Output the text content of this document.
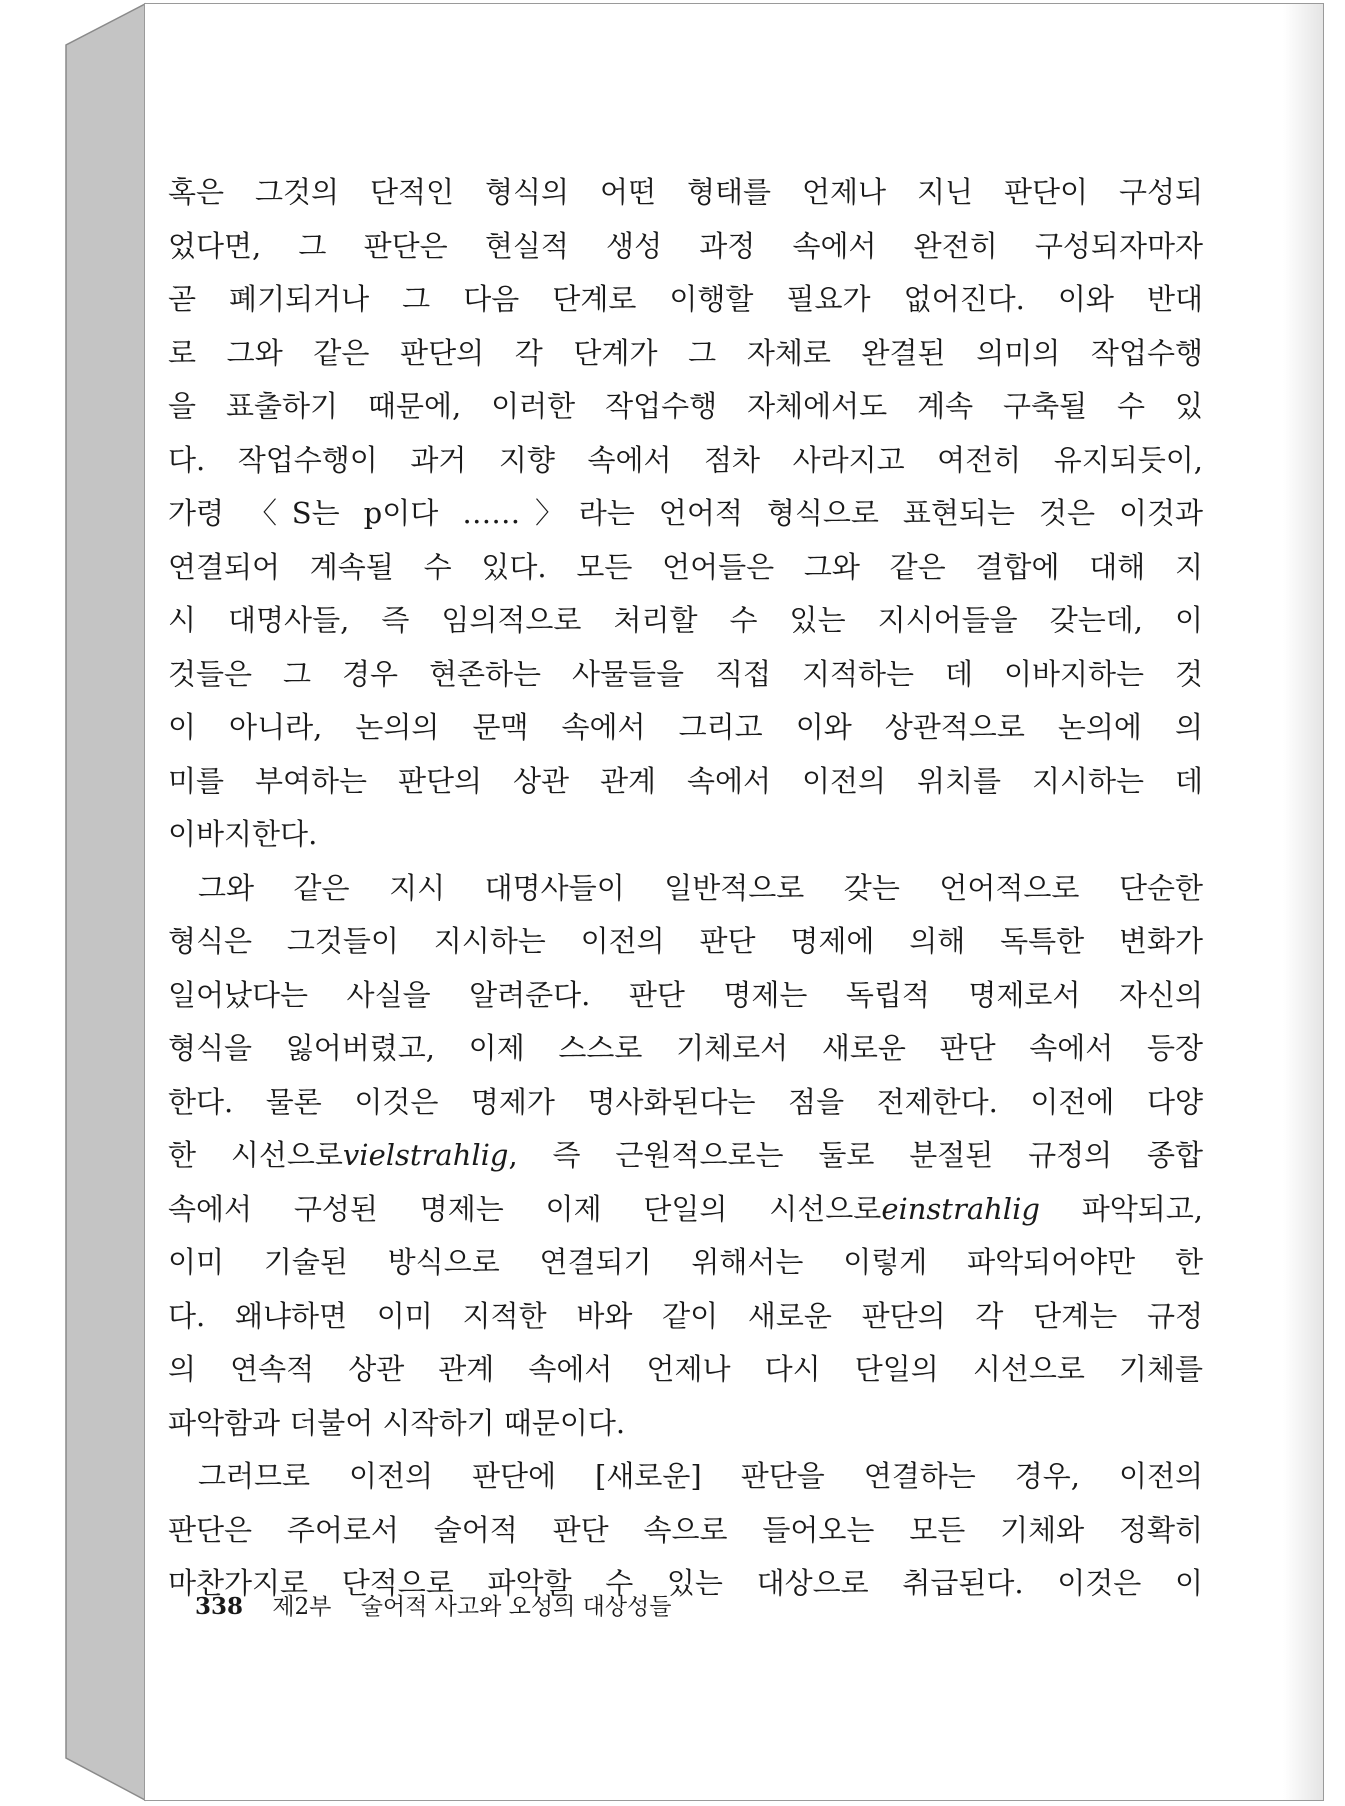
혹은 그것의 단적인 형식의 어떤 형태를 언제나 지닌 판단이 구성되
었다면, 그 판단은 현실적 생성 과정 속에서 완전히 구성되자마자
곧 폐기되거나 그 다음 단계로 이행할 필요가 없어진다. 이와 반대
로 그와 같은 판단의 각 단계가 그 자체로 완결된 의미의 작업수행
을 표출하기 때문에, 이러한 작업수행 자체에서도 계속 구축될 수 있
다. 작업수행이 과거 지향 속에서 점차 사라지고 여전히 유지되듯이,
가령 〈S는 p이다 ……〉라는 언어적 형식으로 표현되는 것은 이것과
연결되어 계속될 수 있다. 모든 언어들은 그와 같은 결합에 대해 지
시 대명사들, 즉 임의적으로 처리할 수 있는 지시어들을 갖는데, 이
것들은 그 경우 현존하는 사물들을 직접 지적하는 데 이바지하는 것
이 아니라, 논의의 문맥 속에서 그리고 이와 상관적으로 논의에 의
미를 부여하는 판단의 상관 관계 속에서 이전의 위치를 지시하는 데
이바지한다.
그와 같은 지시 대명사들이 일반적으로 갖는 언어적으로 단순한
형식은 그것들이 지시하는 이전의 판단 명제에 의해 독특한 변화가
일어났다는 사실을 알려준다. 판단 명제는 독립적 명제로서 자신의
형식을 잃어버렸고, 이제 스스로 기체로서 새로운 판단 속에서 등장
한다. 물론 이것은 명제가 명사화된다는 점을 전제한다. 이전에 다양
한 시선으로vielstrahlig, 즉 근원적으로는 둘로 분절된 규정의 종합
속에서 구성된 명제는 이제 단일의 시선으로einstrahlig 파악되고,
이미 기술된 방식으로 연결되기 위해서는 이렇게 파악되어야만 한
다. 왜냐하면 이미 지적한 바와 같이 새로운 판단의 각 단계는 규정
의 연속적 상관 관계 속에서 언제나 다시 단일의 시선으로 기체를
파악함과 더불어 시작하기 때문이다.
그러므로 이전의 판단에 [새로운] 판단을 연결하는 경우, 이전의
판단은 주어로서 술어적 판단 속으로 들어오는 모든 기체와 정확히
마찬가지로 단적으로 파악할 수 있는 대상으로 취급된다. 이것은 이
338 제2부 술어적 사고와 오성의 대상성들
